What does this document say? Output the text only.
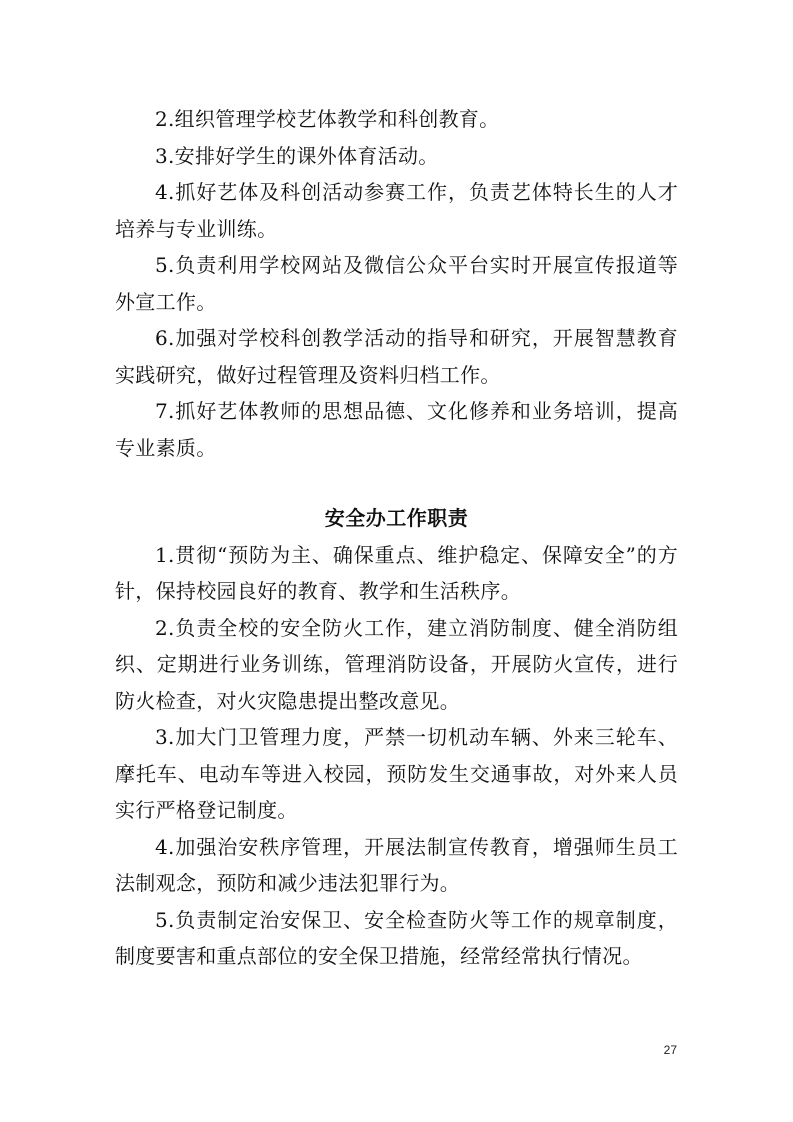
2.组织管理学校艺体教学和科创教育。

3.安排好学生的课外体育活动。

4.抓好艺体及科创活动参赛工作，负责艺体特长生的人才培养与专业训练。

5.负责利用学校网站及微信公众平台实时开展宣传报道等外宣工作。

6.加强对学校科创教学活动的指导和研究，开展智慧教育实践研究，做好过程管理及资料归档工作。

7.抓好艺体教师的思想品德、文化修养和业务培训，提高专业素质。

安全办工作职责

1.贯彻“预防为主、确保重点、维护稳定、保障安全”的方针，保持校园良好的教育、教学和生活秩序。

2.负责全校的安全防火工作，建立消防制度、健全消防组织、定期进行业务训练，管理消防设备，开展防火宣传，进行防火检查，对火灾隐患提出整改意见。

3.加大门卫管理力度，严禁一切机动车辆、外来三轮车、摩托车、电动车等进入校园，预防发生交通事故，对外来人员实行严格登记制度。

4.加强治安秩序管理，开展法制宣传教育，增强师生员工法制观念，预防和减少违法犯罪行为。

5.负责制定治安保卫、安全检查防火等工作的规章制度，制度要害和重点部位的安全保卫措施，经常经常执行情况。

27
